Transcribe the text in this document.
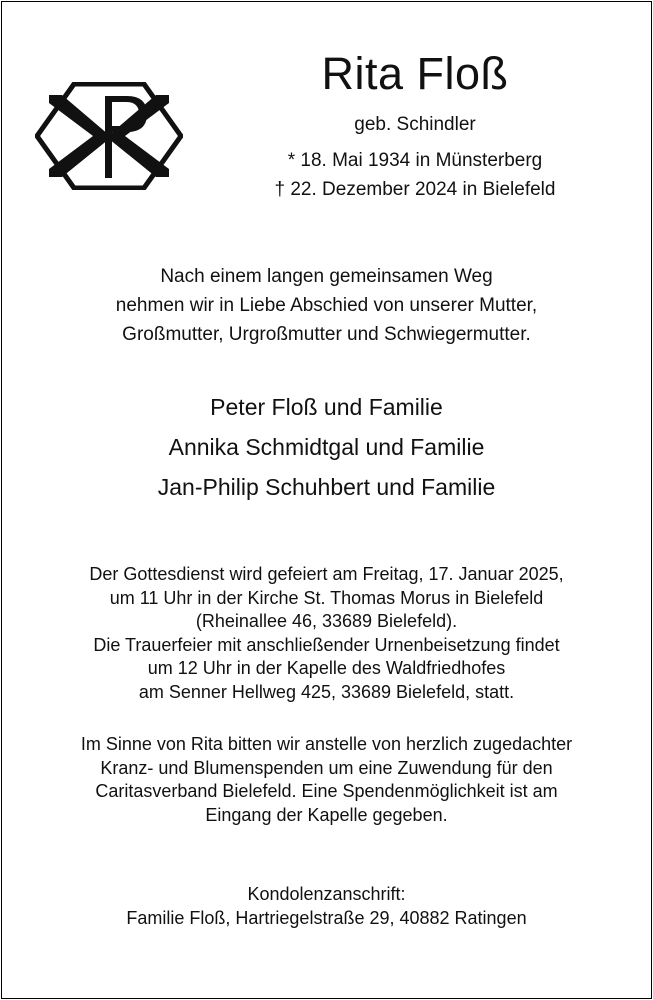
Rita Floß
geb. Schindler
* 18. Mai 1934 in Münsterberg
† 22. Dezember 2024 in Bielefeld
Nach einem langen gemeinsamen Weg
nehmen wir in Liebe Abschied von unserer Mutter,
Großmutter, Urgroßmutter und Schwiegermutter.
Peter Floß und Familie
Annika Schmidtgal und Familie
Jan-Philip Schuhbert und Familie
Der Gottesdienst wird gefeiert am Freitag, 17. Januar 2025,
um 11 Uhr in der Kirche St. Thomas Morus in Bielefeld
(Rheinallee 46, 33689 Bielefeld).
Die Trauerfeier mit anschließender Urnenbeisetzung findet
um 12 Uhr in der Kapelle des Waldfriedhofes
am Senner Hellweg 425, 33689 Bielefeld, statt.
Im Sinne von Rita bitten wir anstelle von herzlich zugedachter
Kranz- und Blumenspenden um eine Zuwendung für den
Caritasverband Bielefeld. Eine Spendenmöglichkeit ist am
Eingang der Kapelle gegeben.
Kondolenzanschrift:
Familie Floß, Hartriegelstraße 29, 40882 Ratingen
